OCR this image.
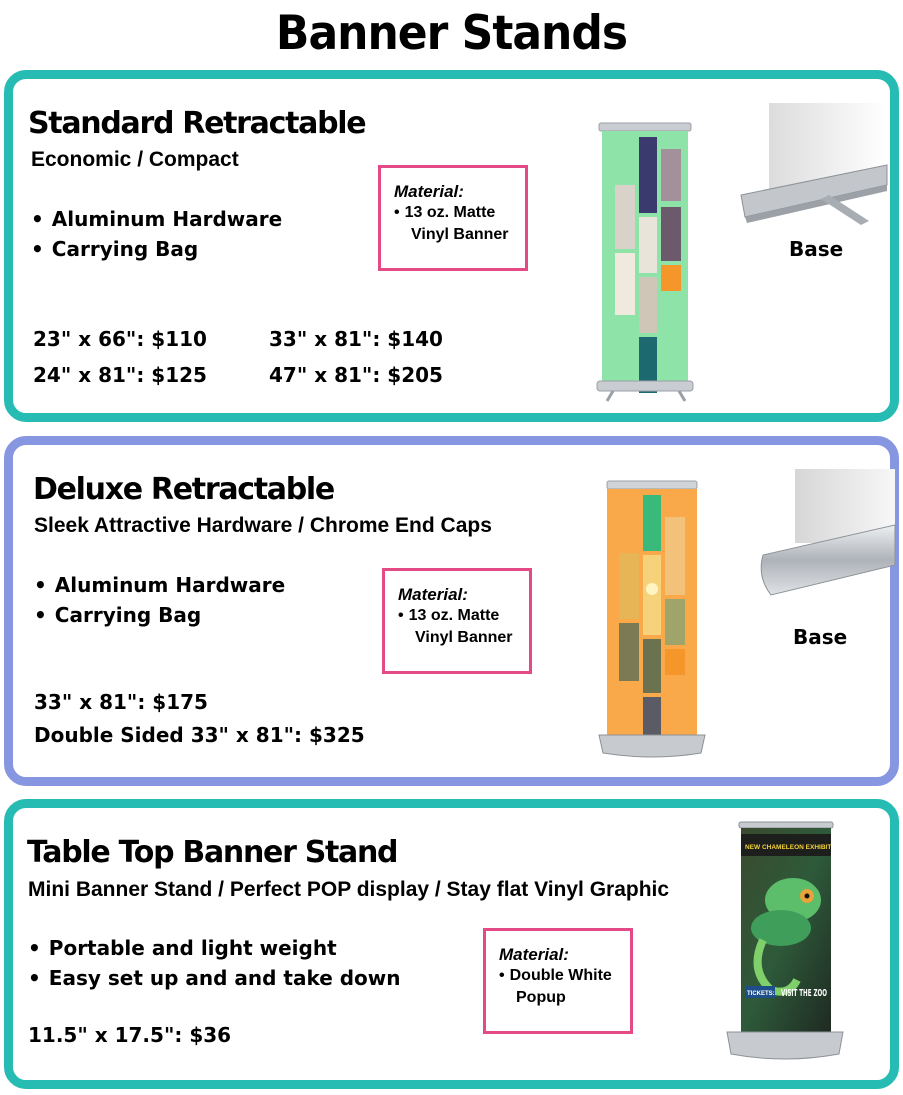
Banner Stands
Standard Retractable
Economic / Compact
• Aluminum Hardware
• Carrying Bag
Material:
• 13 oz. Matte
Vinyl Banner
23" x 66": $110
24" x 81": $125
33" x 81": $140
47" x 81": $205
Base
Deluxe Retractable
Sleek Attractive Hardware / Chrome End Caps
• Aluminum Hardware
• Carrying Bag
Material:
• 13 oz. Matte
Vinyl Banner
33" x 81": $175
Double Sided 33" x 81": $325
Base
Table Top Banner Stand
Mini Banner Stand / Perfect POP display / Stay flat Vinyl Graphic
• Portable and light weight
• Easy set up and and take down
Material:
• Double White
Popup
11.5" x 17.5": $36
NEW CHAMELEON EXHIBIT
TICKETS: VISIT THE ZOO
